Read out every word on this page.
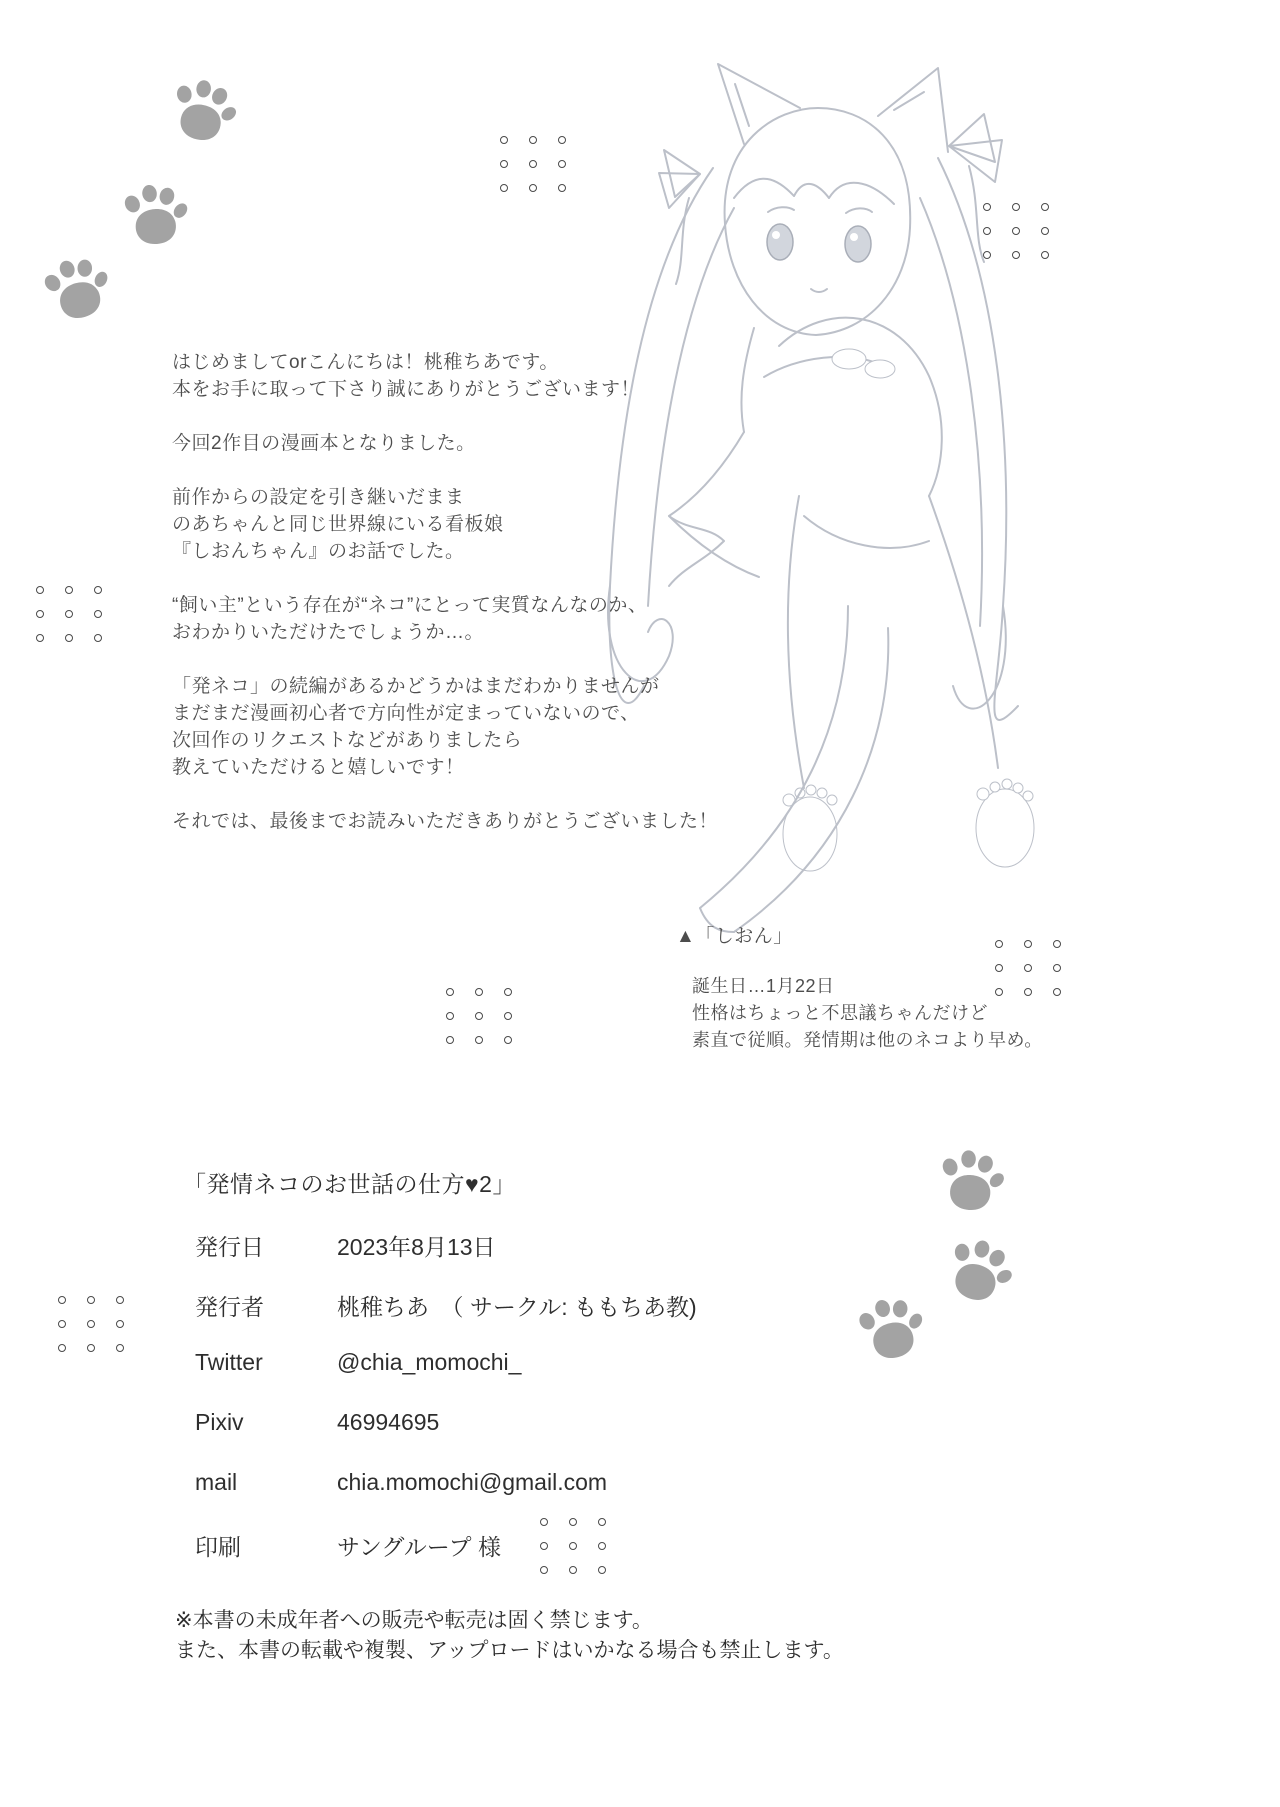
はじめましてorこんにちは！桃稚ちあです。
本をお手に取って下さり誠にありがとうございます！

今回2作目の漫画本となりました。

前作からの設定を引き継いだまま
のあちゃんと同じ世界線にいる看板娘
『しおんちゃん』のお話でした。

“飼い主”という存在が“ネコ”にとって実質なんなのか、
おわかりいただけたでしょうか…。

「発ネコ」の続編があるかどうかはまだわかりませんが
まだまだ漫画初心者で方向性が定まっていないので、
次回作のリクエストなどがありましたら
教えていただけると嬉しいです！

それでは、最後までお読みいただきありがとうございました！

▲「しおん」
誕生日…1月22日
性格はちょっと不思議ちゃんだけど
素直で従順。発情期は他のネコより早め。
「発情ネコのお世話の仕方♥2」
発行日	2023年8月13日
発行者	桃稚ちあ　（ サークル: ももちあ教)
Twitter	@chia_momochi_
Pixiv	46994695
mail	chia.momochi@gmail.com
印刷	サングループ 様
※本書の未成年者への販売や転売は固く禁じます。
また、本書の転載や複製、アップロードはいかなる場合も禁止します。
